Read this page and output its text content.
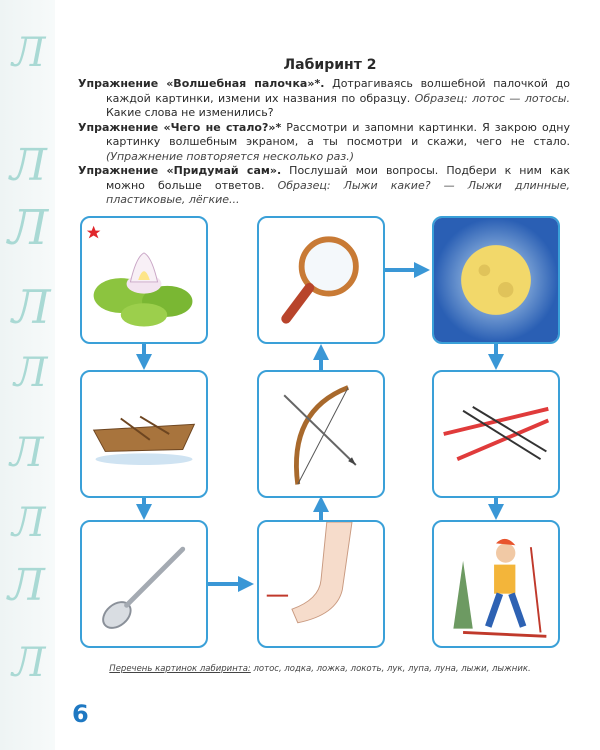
Л
Л
Л
Л
Л
Л
Л
Л
Л
Лабиринт 2

Упражнение «Волшебная палочка»*. Дотрагиваясь волшебной палочкой до каждой картинки, измени их названия по образцу. Образец: лотос — лотосы. Какие слова не изменились?

Упражнение «Чего не стало?»* Рассмотри и запомни картинки. Я закрою одну картинку волшебным экраном, а ты посмотри и скажи, чего не стало. (Упражнение повторяется несколько раз.)

Упражнение «Придумай сам». Послушай мои вопросы. Подбери к ним как можно больше ответов. Образец: Лыжи какие? — Лыжи длинные, пластиковые, лёгкие...

Перечень картинок лабиринта: лотос, лодка, ложка, локоть, лук, лупа, луна, лыжи, лыжник.
6
